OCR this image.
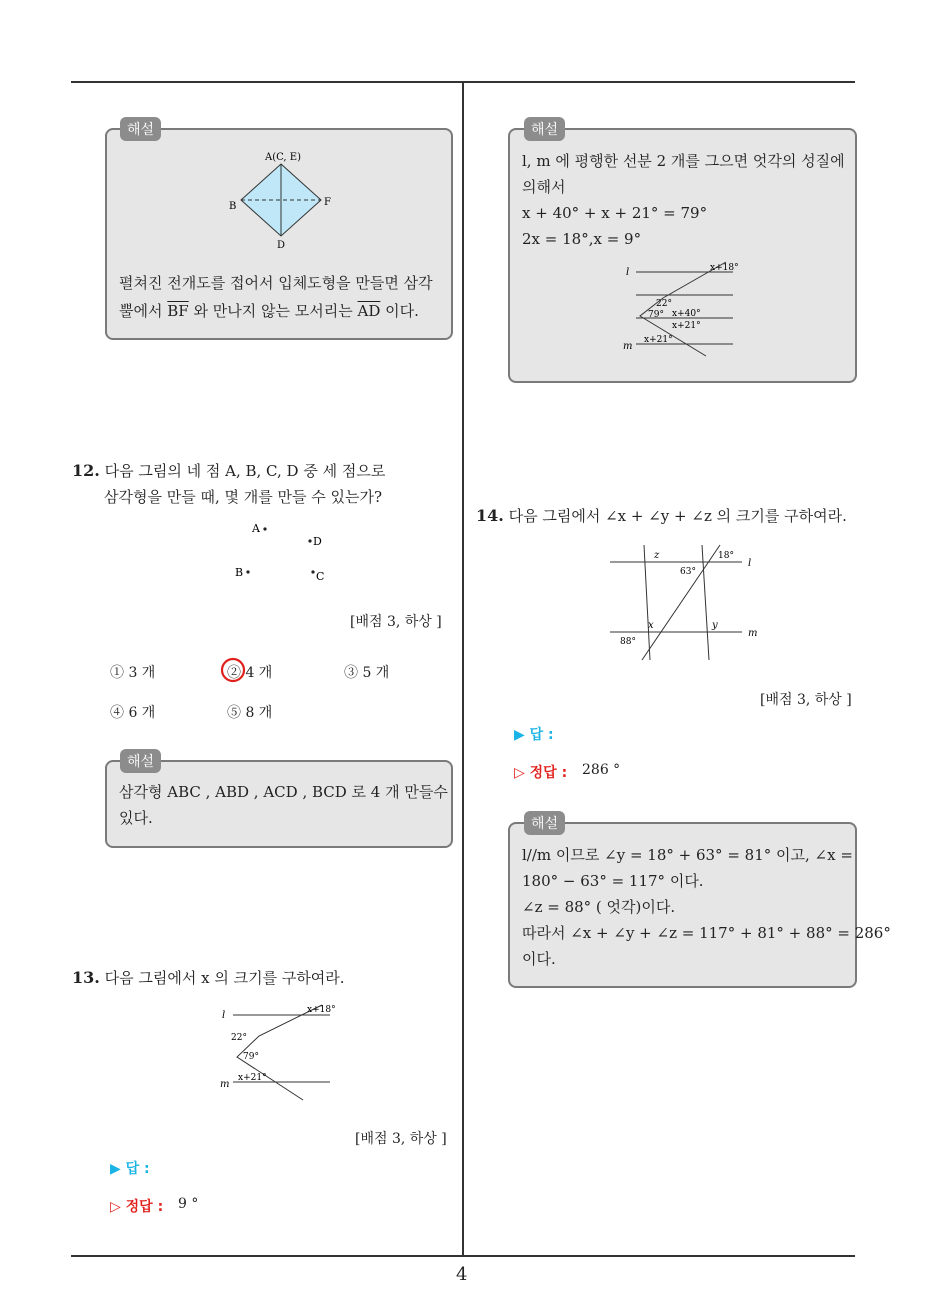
4
A(C, E)
B	F
D
펼쳐진 전개도를 접어서 입체도형을 만들면 삼각
뿔에서 $\overline{BF}$ 와 만나지 않는 모서리는 $\overline{AD}$ 이다.
해설
12. 다음 그림의 네 점 A, B, C, D 중 세 점으로
삼각형을 만들 때, 몇 개를 만들 수 있는가?
A
D
B	C
[배점 3, 하상 ]
① 3 개	② 4 개	③ 5 개
④ 6 개	⑤ 8 개
삼각형 ABC , ABD , ACD , BCD 로 4 개 만들수
있다.
해설
13. 다음 그림에서 x 의 크기를 구하여라.
l
m
x+18°
22°
79°
x+21°
[배점 3, 하상 ]
▶ 답 :
▷ 정답 : 9 °
l, m 에 평행한 선분 2 개를 그으면 엇각의 성질에
의해서
x + 40° + x + 21° = 79°
2x = 18°,x = 9°
l
m
x+18°
22°
79° x+40°
x+21°
x+21°
해설
14. 다음 그림에서 ∠x + ∠y + ∠z 의 크기를 구하여라.
z	18°
l
63°
x	y
m
88°
[배점 3, 하상 ]
▶ 답 :
▷ 정답 : 286 °
l//m 이므로 ∠y = 18° + 63° = 81° 이고, ∠x =
180° − 63° = 117° 이다.
∠z = 88° ( 엇각)이다.
따라서 ∠x + ∠y + ∠z = 117° + 81° + 88° = 286°
이다.
해설
